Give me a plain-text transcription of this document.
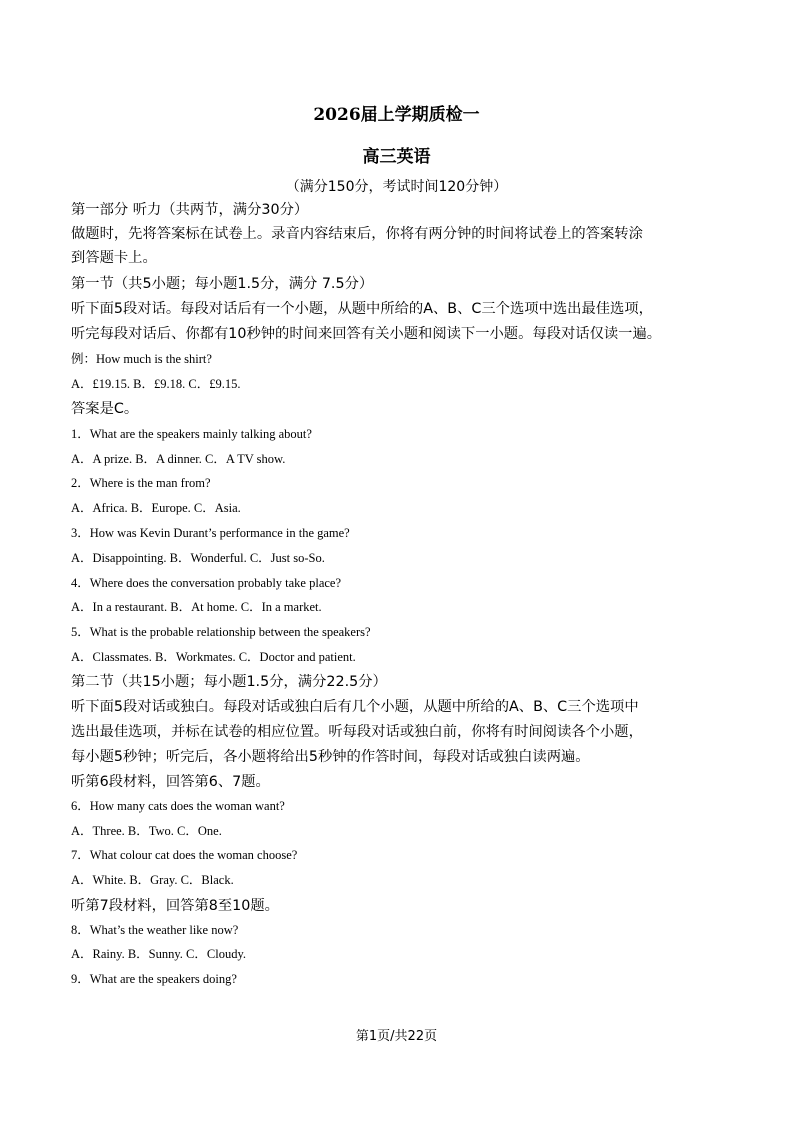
2026届上学期质检一
高三英语
（满分150分，考试时间120分钟）
第一部分 听力（共两节，满分30分）
做题时，先将答案标在试卷上。录音内容结束后，你将有两分钟的时间将试卷上的答案转涂
到答题卡上。
第一节（共5小题；每小题1.5分，满分 7.5分）
听下面5段对话。每段对话后有一个小题，从题中所给的A、B、C三个选项中选出最佳选项，
听完每段对话后、你都有10秒钟的时间来回答有关小题和阅读下一小题。每段对话仅读一遍。
例：How much is the shirt?
A．£19.15. B．£9.18. C．£9.15.
答案是C。
1．What are the speakers mainly talking about?
A．A prize. B．A dinner. C．A TV show.
2．Where is the man from?
A．Africa. B．Europe. C．Asia.
3．How was Kevin Durant’s performance in the game?
A．Disappointing. B．Wonderful. C．Just so-So.
4．Where does the conversation probably take place?
A．In a restaurant. B．At home. C．In a market.
5．What is the probable relationship between the speakers?
A．Classmates. B．Workmates. C．Doctor and patient.
第二节（共15小题；每小题1.5分，满分22.5分）
听下面5段对话或独白。每段对话或独白后有几个小题，从题中所给的A、B、C三个选项中
选出最佳选项，并标在试卷的相应位置。听每段对话或独白前，你将有时间阅读各个小题，
每小题5秒钟；听完后，各小题将给出5秒钟的作答时间，每段对话或独白读两遍。
听第6段材料，回答第6、7题。
6．How many cats does the woman want?
A．Three. B．Two. C．One.
7．What colour cat does the woman choose?
A．White. B．Gray. C．Black.
听第7段材料，回答第8至10题。
8．What’s the weather like now?
A．Rainy. B．Sunny. C．Cloudy.
9．What are the speakers doing?
第1页/共22页
